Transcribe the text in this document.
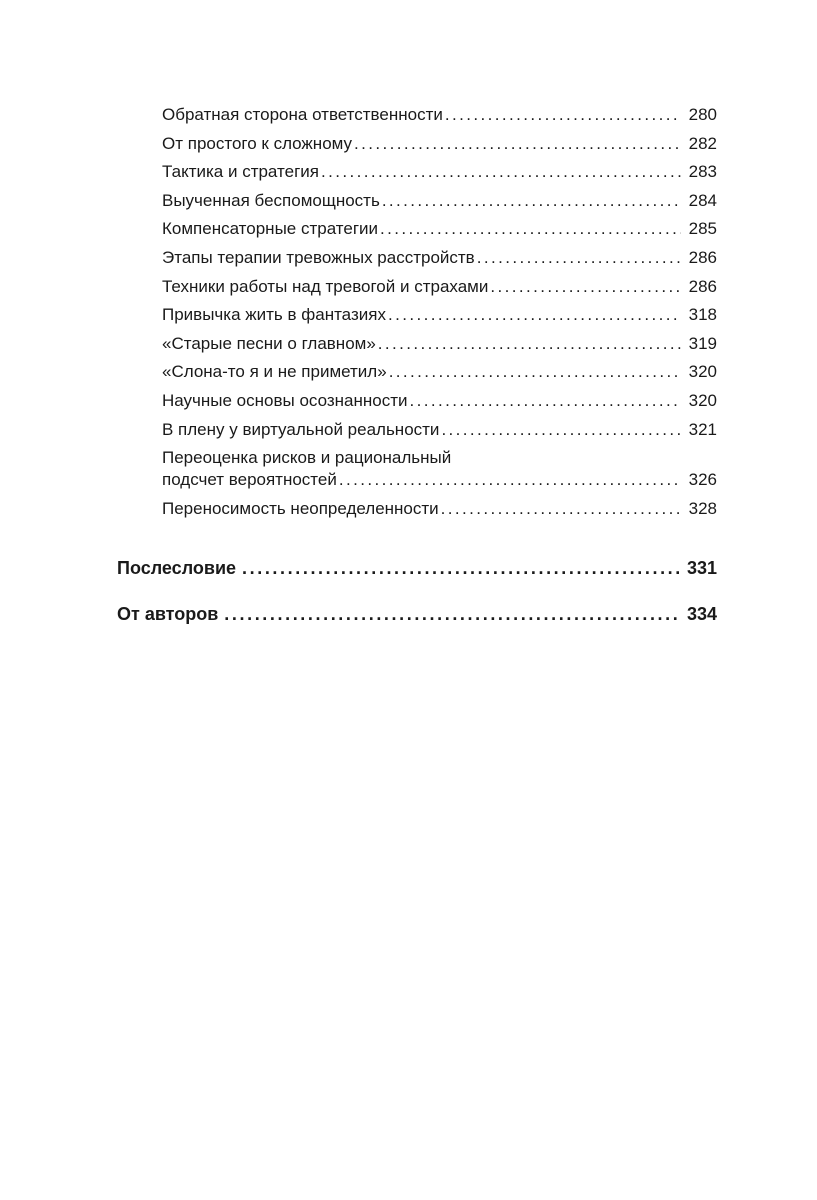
Обратная сторона ответственности .....	280
От простого к сложному .....	282
Тактика и стратегия .....	283
Выученная беспомощность .....	284
Компенсаторные стратегии .....	285
Этапы терапии тревожных расстройств .....	286
Техники работы над тревогой и страхами .....	286
Привычка жить в фантазиях .....	318
«Старые песни о главном» .....	319
«Слона-то я и не приметил» .....	320
Научные основы осознанности .....	320
В плену у виртуальной реальности .....	321
Переоценка рисков и рациональный
подсчет вероятностей .....	326
Переносимость неопределенности .....	328
Послесловие .....	331
От авторов .....	334
